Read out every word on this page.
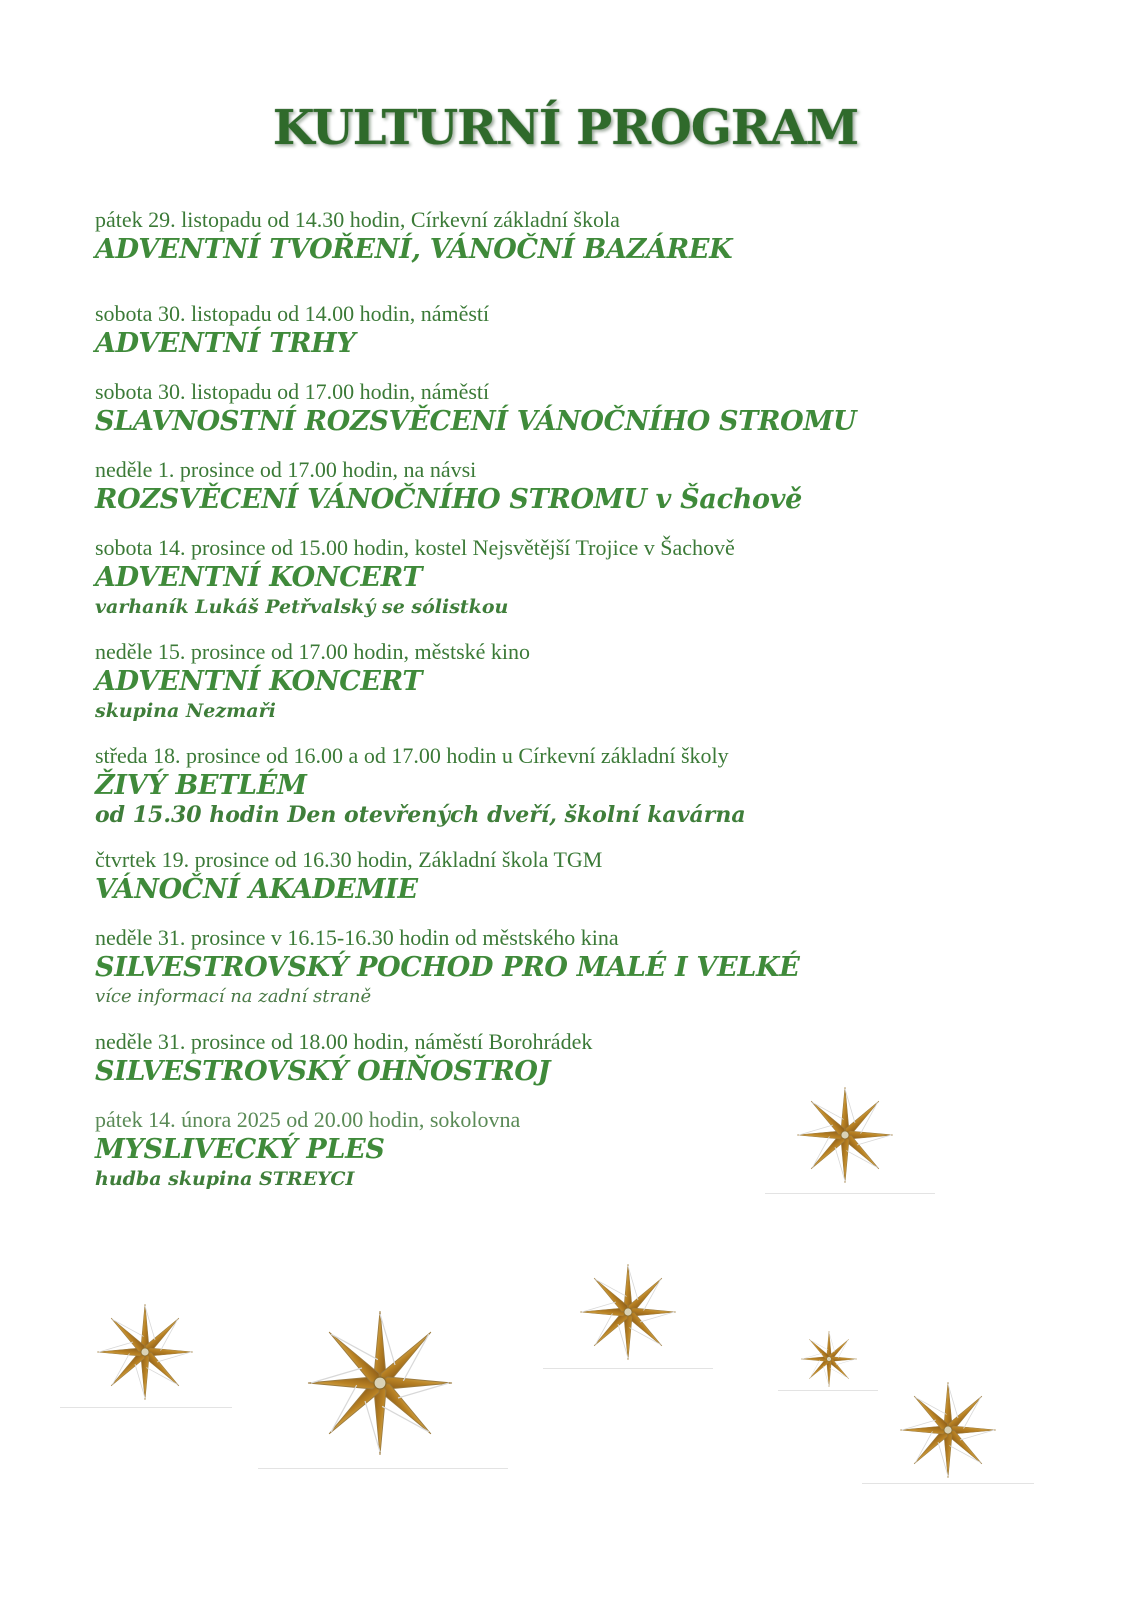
KULTURNÍ PROGRAM
pátek 29. listopadu od 14.30 hodin, Církevní základní škola
ADVENTNÍ TVOŘENÍ, VÁNOČNÍ BAZÁREK
sobota 30. listopadu od 14.00 hodin, náměstí
ADVENTNÍ TRHY
sobota 30. listopadu od 17.00 hodin, náměstí
SLAVNOSTNÍ ROZSVĚCENÍ VÁNOČNÍHO STROMU
neděle 1. prosince od 17.00 hodin, na návsi
ROZSVĚCENÍ VÁNOČNÍHO STROMU v Šachově
sobota 14. prosince od 15.00 hodin, kostel Nejsvětější Trojice v Šachově
ADVENTNÍ KONCERT
varhaník Lukáš Petřvalský se sólistkou
neděle 15. prosince od 17.00 hodin, městské kino
ADVENTNÍ KONCERT
skupina Nezmaři
středa 18. prosince od 16.00 a od 17.00 hodin u Církevní základní školy
ŽIVÝ BETLÉM
od 15.30 hodin Den otevřených dveří, školní kavárna
čtvrtek 19. prosince od 16.30 hodin, Základní škola TGM
VÁNOČNÍ AKADEMIE
neděle 31. prosince v 16.15-16.30 hodin od městského kina
SILVESTROVSKÝ POCHOD PRO MALÉ I VELKÉ
více informací na zadní straně
neděle 31. prosince od 18.00 hodin, náměstí Borohrádek
SILVESTROVSKÝ OHŇOSTROJ
pátek 14. února 2025 od 20.00 hodin, sokolovna
MYSLIVECKÝ PLES
hudba skupina STREYCI
